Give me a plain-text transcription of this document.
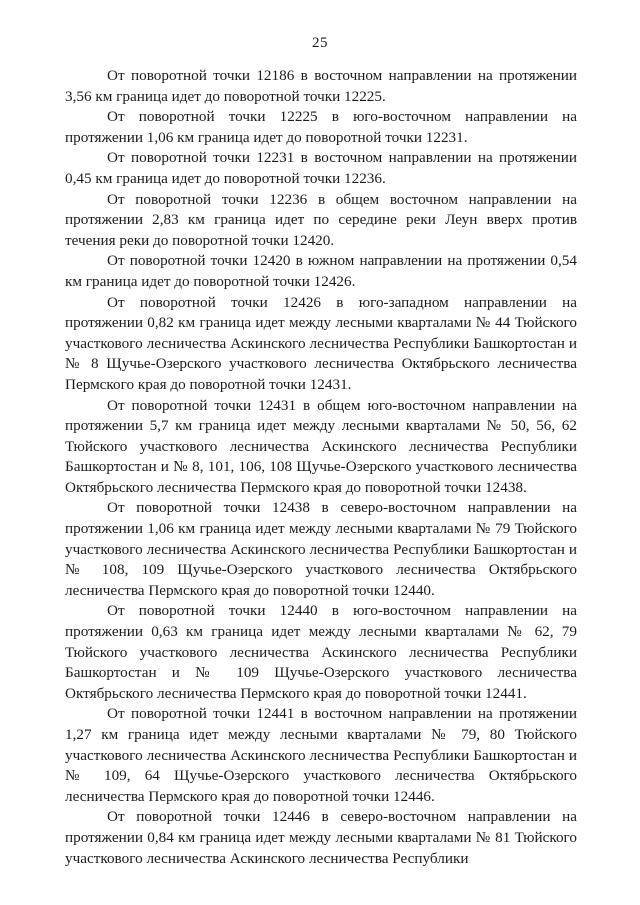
25

От поворотной точки 12186 в восточном направлении на протяжении 3,56 км граница идет до поворотной точки 12225.

От поворотной точки 12225 в юго-восточном направлении на протяжении 1,06 км граница идет до поворотной точки 12231.

От поворотной точки 12231 в восточном направлении на протяжении 0,45 км граница идет до поворотной точки 12236.

От поворотной точки 12236 в общем восточном направлении на протяжении 2,83 км граница идет по середине реки Леун вверх против течения реки до поворотной точки 12420.

От поворотной точки 12420 в южном направлении на протяжении 0,54 км граница идет до поворотной точки 12426.

От поворотной точки 12426 в юго-западном направлении на протяжении 0,82 км граница идет между лесными кварталами № 44 Тюйского участкового лесничества Аскинского лесничества Республики Башкортостан и № 8 Щучье-Озерского участкового лесничества Октябрьского лесничества Пермского края до поворотной точки 12431.

От поворотной точки 12431 в общем юго-восточном направлении на протяжении 5,7 км граница идет между лесными кварталами № 50, 56, 62 Тюйского участкового лесничества Аскинского лесничества Республики Башкортостан и № 8, 101, 106, 108 Щучье-Озерского участкового лесничества Октябрьского лесничества Пермского края до поворотной точки 12438.

От поворотной точки 12438 в северо-восточном направлении на протяжении 1,06 км граница идет между лесными кварталами № 79 Тюйского участкового лесничества Аскинского лесничества Республики Башкортостан и № 108, 109 Щучье-Озерского участкового лесничества Октябрьского лесничества Пермского края до поворотной точки 12440.

От поворотной точки 12440 в юго-восточном направлении на протяжении 0,63 км граница идет между лесными кварталами № 62, 79 Тюйского участкового лесничества Аскинского лесничества Республики Башкортостан и № 109 Щучье-Озерского участкового лесничества Октябрьского лесничества Пермского края до поворотной точки 12441.

От поворотной точки 12441 в восточном направлении на протяжении 1,27 км граница идет между лесными кварталами № 79, 80 Тюйского участкового лесничества Аскинского лесничества Республики Башкортостан и № 109, 64 Щучье-Озерского участкового лесничества Октябрьского лесничества Пермского края до поворотной точки 12446.

От поворотной точки 12446 в северо-восточном направлении на протяжении 0,84 км граница идет между лесными кварталами № 81 Тюйского участкового лесничества Аскинского лесничества Республики
